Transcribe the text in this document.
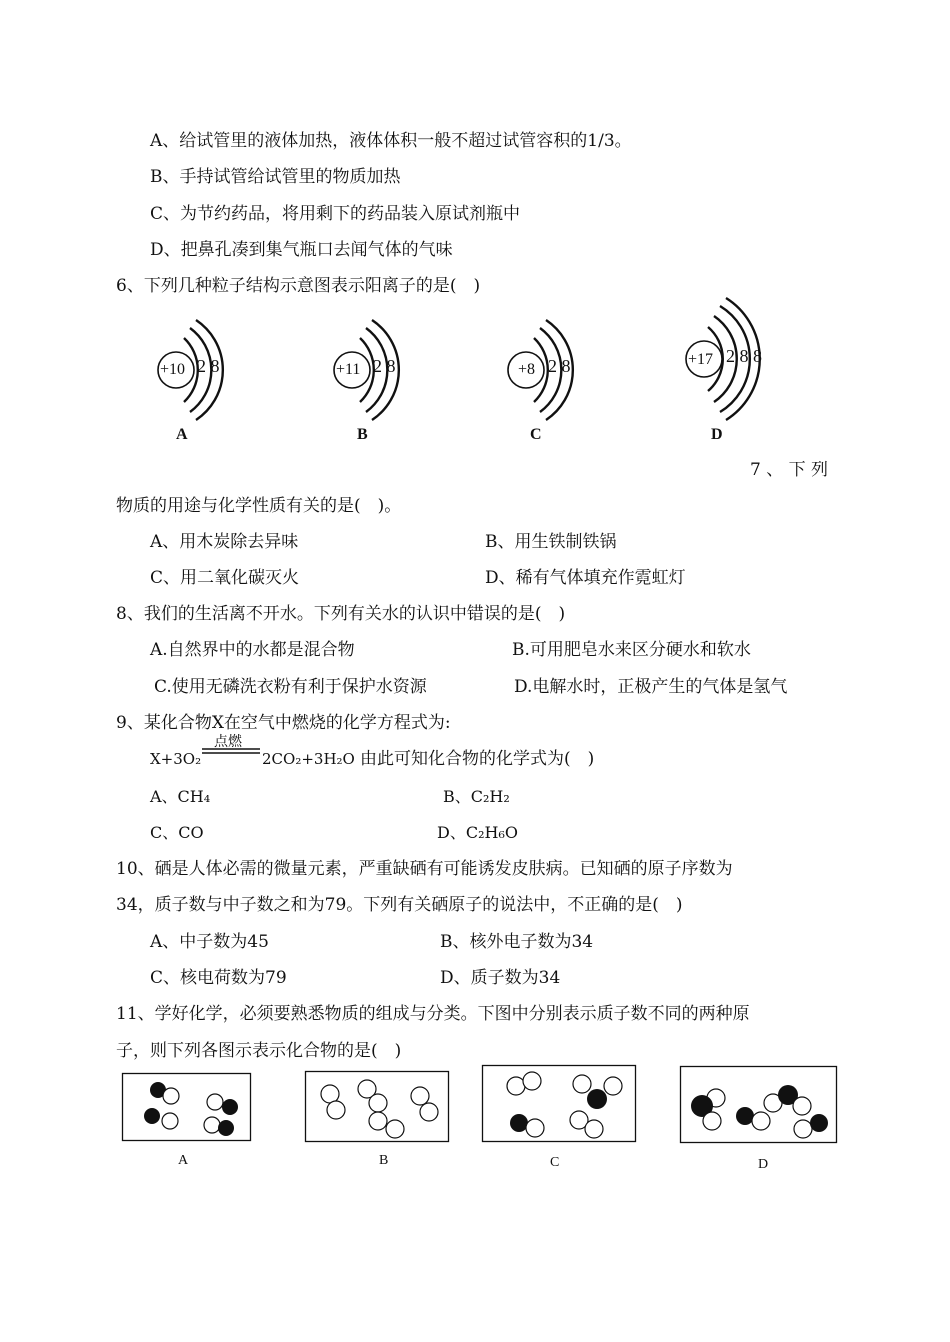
A、给试管里的液体加热，液体体积一般不超过试管容积的1/3。
B、手持试管给试管里的物质加热
C、为节约药品，将用剩下的药品装入原试剂瓶中
D、把鼻孔凑到集气瓶口去闻气体的气味
6、下列几种粒子结构示意图表示阳离子的是(　)
+10 2 8
A
+11 2 8
B
+8 2 8
C
+17 2 8 8
D
7 、 下 列
物质的用途与化学性质有关的是(　)。
A、用木炭除去异味	B、用生铁制铁锅
C、用二氧化碳灭火	D、稀有气体填充作霓虹灯
8、我们的生活离不开水。下列有关水的认识中错误的是(　)
A.自然界中的水都是混合物	B.可用肥皂水来区分硬水和软水
C.使用无磷洗衣粉有利于保护水资源	D.电解水时，正极产生的气体是氢气
9、某化合物X在空气中燃烧的化学方程式为:
点燃
X+3O₂	2CO₂+3H₂O 由此可知化合物的化学式为(　)
A、CH₄	B、C₂H₂
C、CO	D、C₂H₆O
10、硒是人体必需的微量元素，严重缺硒有可能诱发皮肤病。已知硒的原子序数为
34，质子数与中子数之和为79。下列有关硒原子的说法中，不正确的是(　)
A、中子数为45	B、核外电子数为34
C、核电荷数为79	D、质子数为34
11、学好化学，必须要熟悉物质的组成与分类。下图中分别表示质子数不同的两种原
子，则下列各图示表示化合物的是(　)
A	B	C	D
